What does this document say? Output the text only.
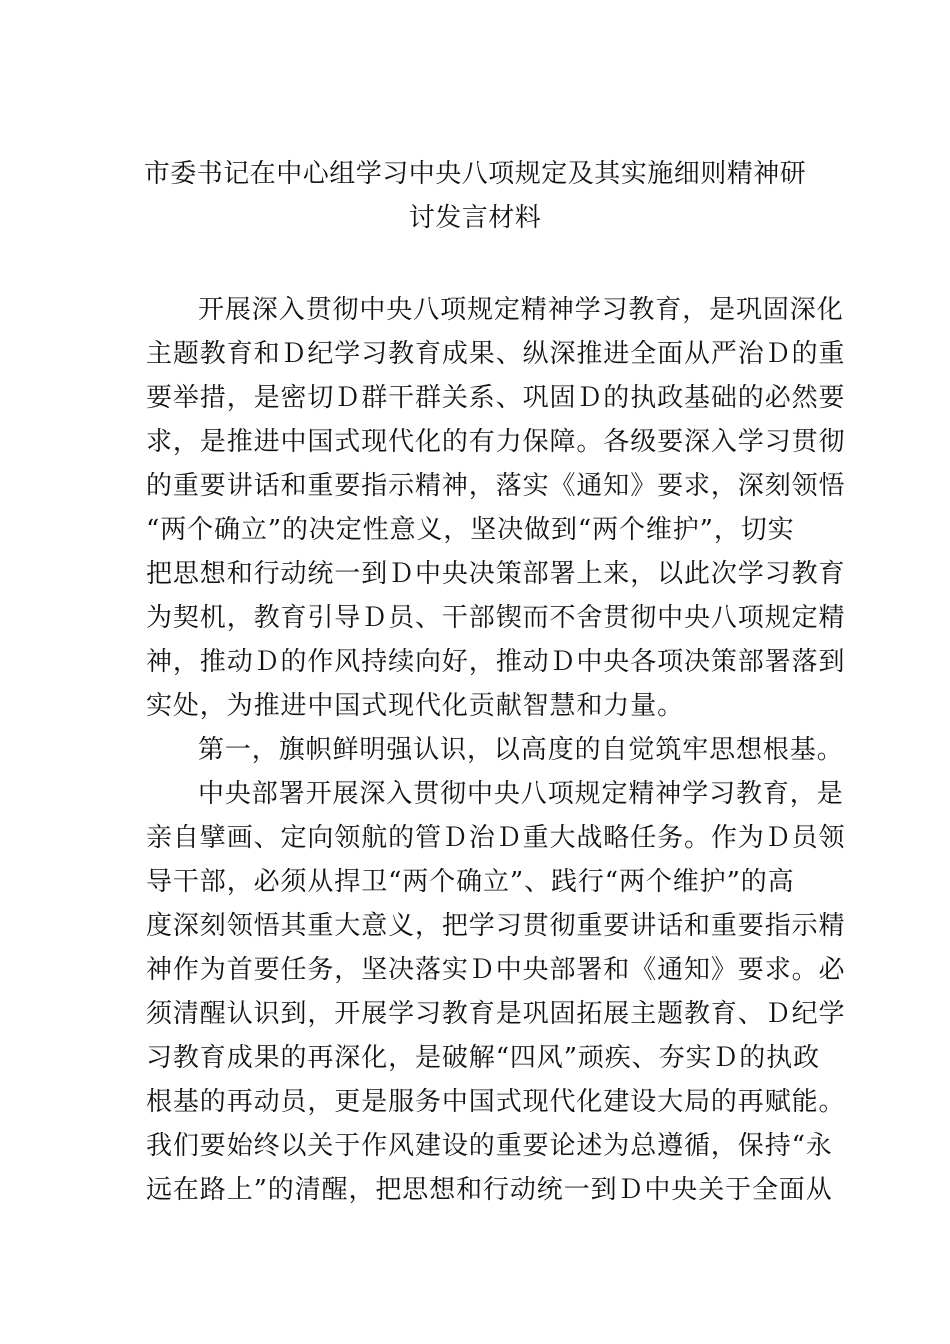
市委书记在中心组学习中央八项规定及其实施细则精神研
讨发言材料
开展深入贯彻中央八项规定精神学习教育，是巩固深化
主题教育和Ｄ纪学习教育成果、纵深推进全面从严治Ｄ的重
要举措，是密切Ｄ群干群关系、巩固Ｄ的执政基础的必然要
求，是推进中国式现代化的有力保障。各级要深入学习贯彻
的重要讲话和重要指示精神，落实《通知》要求，深刻领悟
“两个确立”的决定性意义，坚决做到“两个维护”，切实
把思想和行动统一到Ｄ中央决策部署上来，以此次学习教育
为契机，教育引导Ｄ员、干部锲而不舍贯彻中央八项规定精
神，推动Ｄ的作风持续向好，推动Ｄ中央各项决策部署落到
实处，为推进中国式现代化贡献智慧和力量。
第一，旗帜鲜明强认识，以高度的自觉筑牢思想根基。
中央部署开展深入贯彻中央八项规定精神学习教育，是
亲自擘画、定向领航的管Ｄ治Ｄ重大战略任务。作为Ｄ员领
导干部，必须从捍卫“两个确立”、践行“两个维护”的高
度深刻领悟其重大意义，把学习贯彻重要讲话和重要指示精
神作为首要任务，坚决落实Ｄ中央部署和《通知》要求。必
须清醒认识到，开展学习教育是巩固拓展主题教育、Ｄ纪学
习教育成果的再深化，是破解“四风”顽疾、夯实Ｄ的执政
根基的再动员，更是服务中国式现代化建设大局的再赋能。
我们要始终以关于作风建设的重要论述为总遵循，保持“永
远在路上”的清醒，把思想和行动统一到Ｄ中央关于全面从
